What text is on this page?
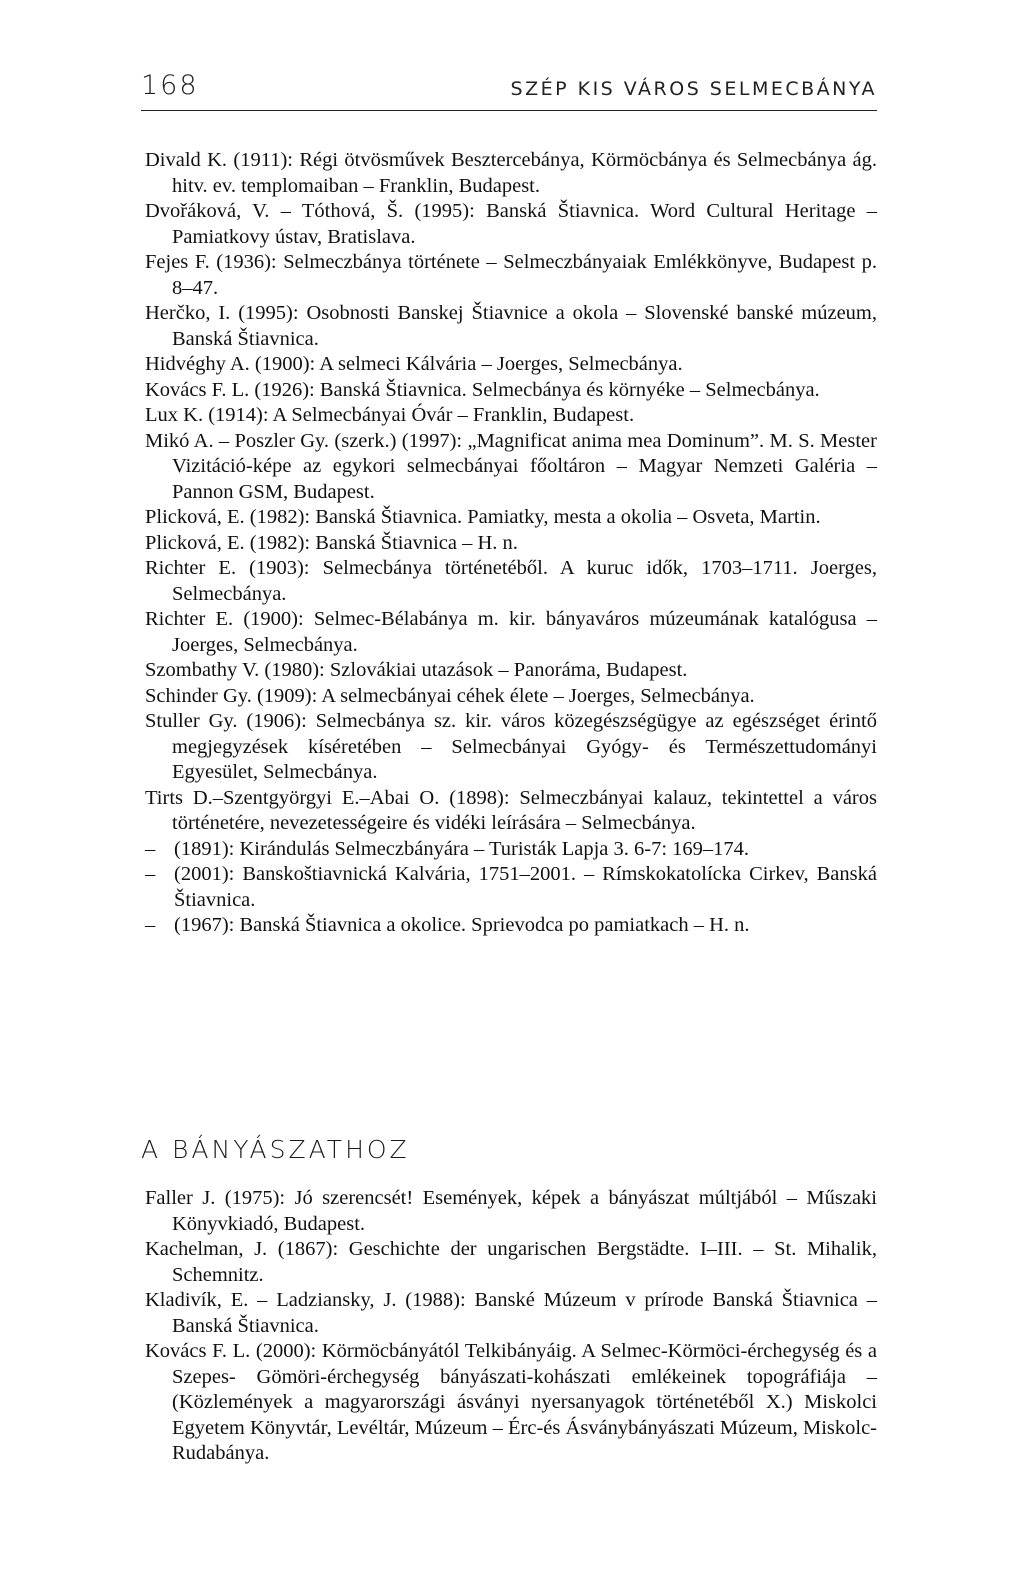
168	SZÉP KIS VÁROS SELMECBÁNYA
Divald K. (1911): Régi ötvösművek Besztercebánya, Körmöcbánya és Selmecbánya ág. hitv. ev. templomaiban – Franklin, Budapest.
Dvořáková, V. – Tóthová, Š. (1995): Banská Štiavnica. Word Cultural Heritage – Pamiatkovy ústav, Bratislava.
Fejes F. (1936): Selmeczbánya története – Selmeczbányaiak Emlékkönyve, Budapest p. 8–47.
Herčko, I. (1995): Osobnosti Banskej Štiavnice a okola – Slovenské banské múzeum, Banská Štiavnica.
Hidvéghy A. (1900): A selmeci Kálvária – Joerges, Selmecbánya.
Kovács F. L. (1926): Banská Štiavnica. Selmecbánya és környéke – Selmecbánya.
Lux K. (1914): A Selmecbányai Óvár – Franklin, Budapest.
Mikó A. – Poszler Gy. (szerk.) (1997): „Magnificat anima mea Dominum”. M. S. Mester Vizitáció-képe az egykori selmecbányai főoltáron – Magyar Nemzeti Galéria – Pannon GSM, Budapest.
Plicková, E. (1982): Banská Štiavnica. Pamiatky, mesta a okolia – Osveta, Martin.
Plicková, E. (1982): Banská Štiavnica – H. n.
Richter E. (1903): Selmecbánya történetéből. A kuruc idők, 1703–1711. Joerges, Selmecbánya.
Richter E. (1900): Selmec-Bélabánya m. kir. bányaváros múzeumának katalógusa – Joerges, Selmecbánya.
Szombathy V. (1980): Szlovákiai utazások – Panoráma, Budapest.
Schinder Gy. (1909): A selmecbányai céhek élete – Joerges, Selmecbánya.
Stuller Gy. (1906): Selmecbánya sz. kir. város közegészségügye az egészséget érintő megjegyzések kíséretében – Selmecbányai Gyógy- és Természettudományi Egyesület, Selmecbánya.
Tirts D.–Szentgyörgyi E.–Abai O. (1898): Selmeczbányai kalauz, tekintettel a város történetére, nevezetességeire és vidéki leírására – Selmecbánya.
– (1891): Kirándulás Selmeczbányára – Turisták Lapja 3. 6-7: 169–174.
– (2001): Banskoštiavnická Kalvária, 1751–2001. – Rímskokatolícka Cirkev, Banská Štiavnica.
– (1967): Banská Štiavnica a okolice. Sprievodca po pamiatkach – H. n.
A BÁNYÁSZATHOZ
Faller J. (1975): Jó szerencsét! Események, képek a bányászat múltjából – Műszaki Könyvkiadó, Budapest.
Kachelman, J. (1867): Geschichte der ungarischen Bergstädte. I–III. – St. Mihalik, Schemnitz.
Kladivík, E. – Ladziansky, J. (1988): Banské Múzeum v prírode Banská Štiavnica – Banská Štiavnica.
Kovács F. L. (2000): Körmöcbányától Telkibányáig. A Selmec-Körmöci-érchegység és a Szepes- Gömöri-érchegység bányászati-kohászati emlékeinek topográfiája – (Közlemények a magyarországi ásványi nyersanyagok történetéből X.) Miskolci Egyetem Könyvtár, Levéltár, Múzeum – Érc-és Ásványbányászati Múzeum, Miskolc-Rudabánya.
